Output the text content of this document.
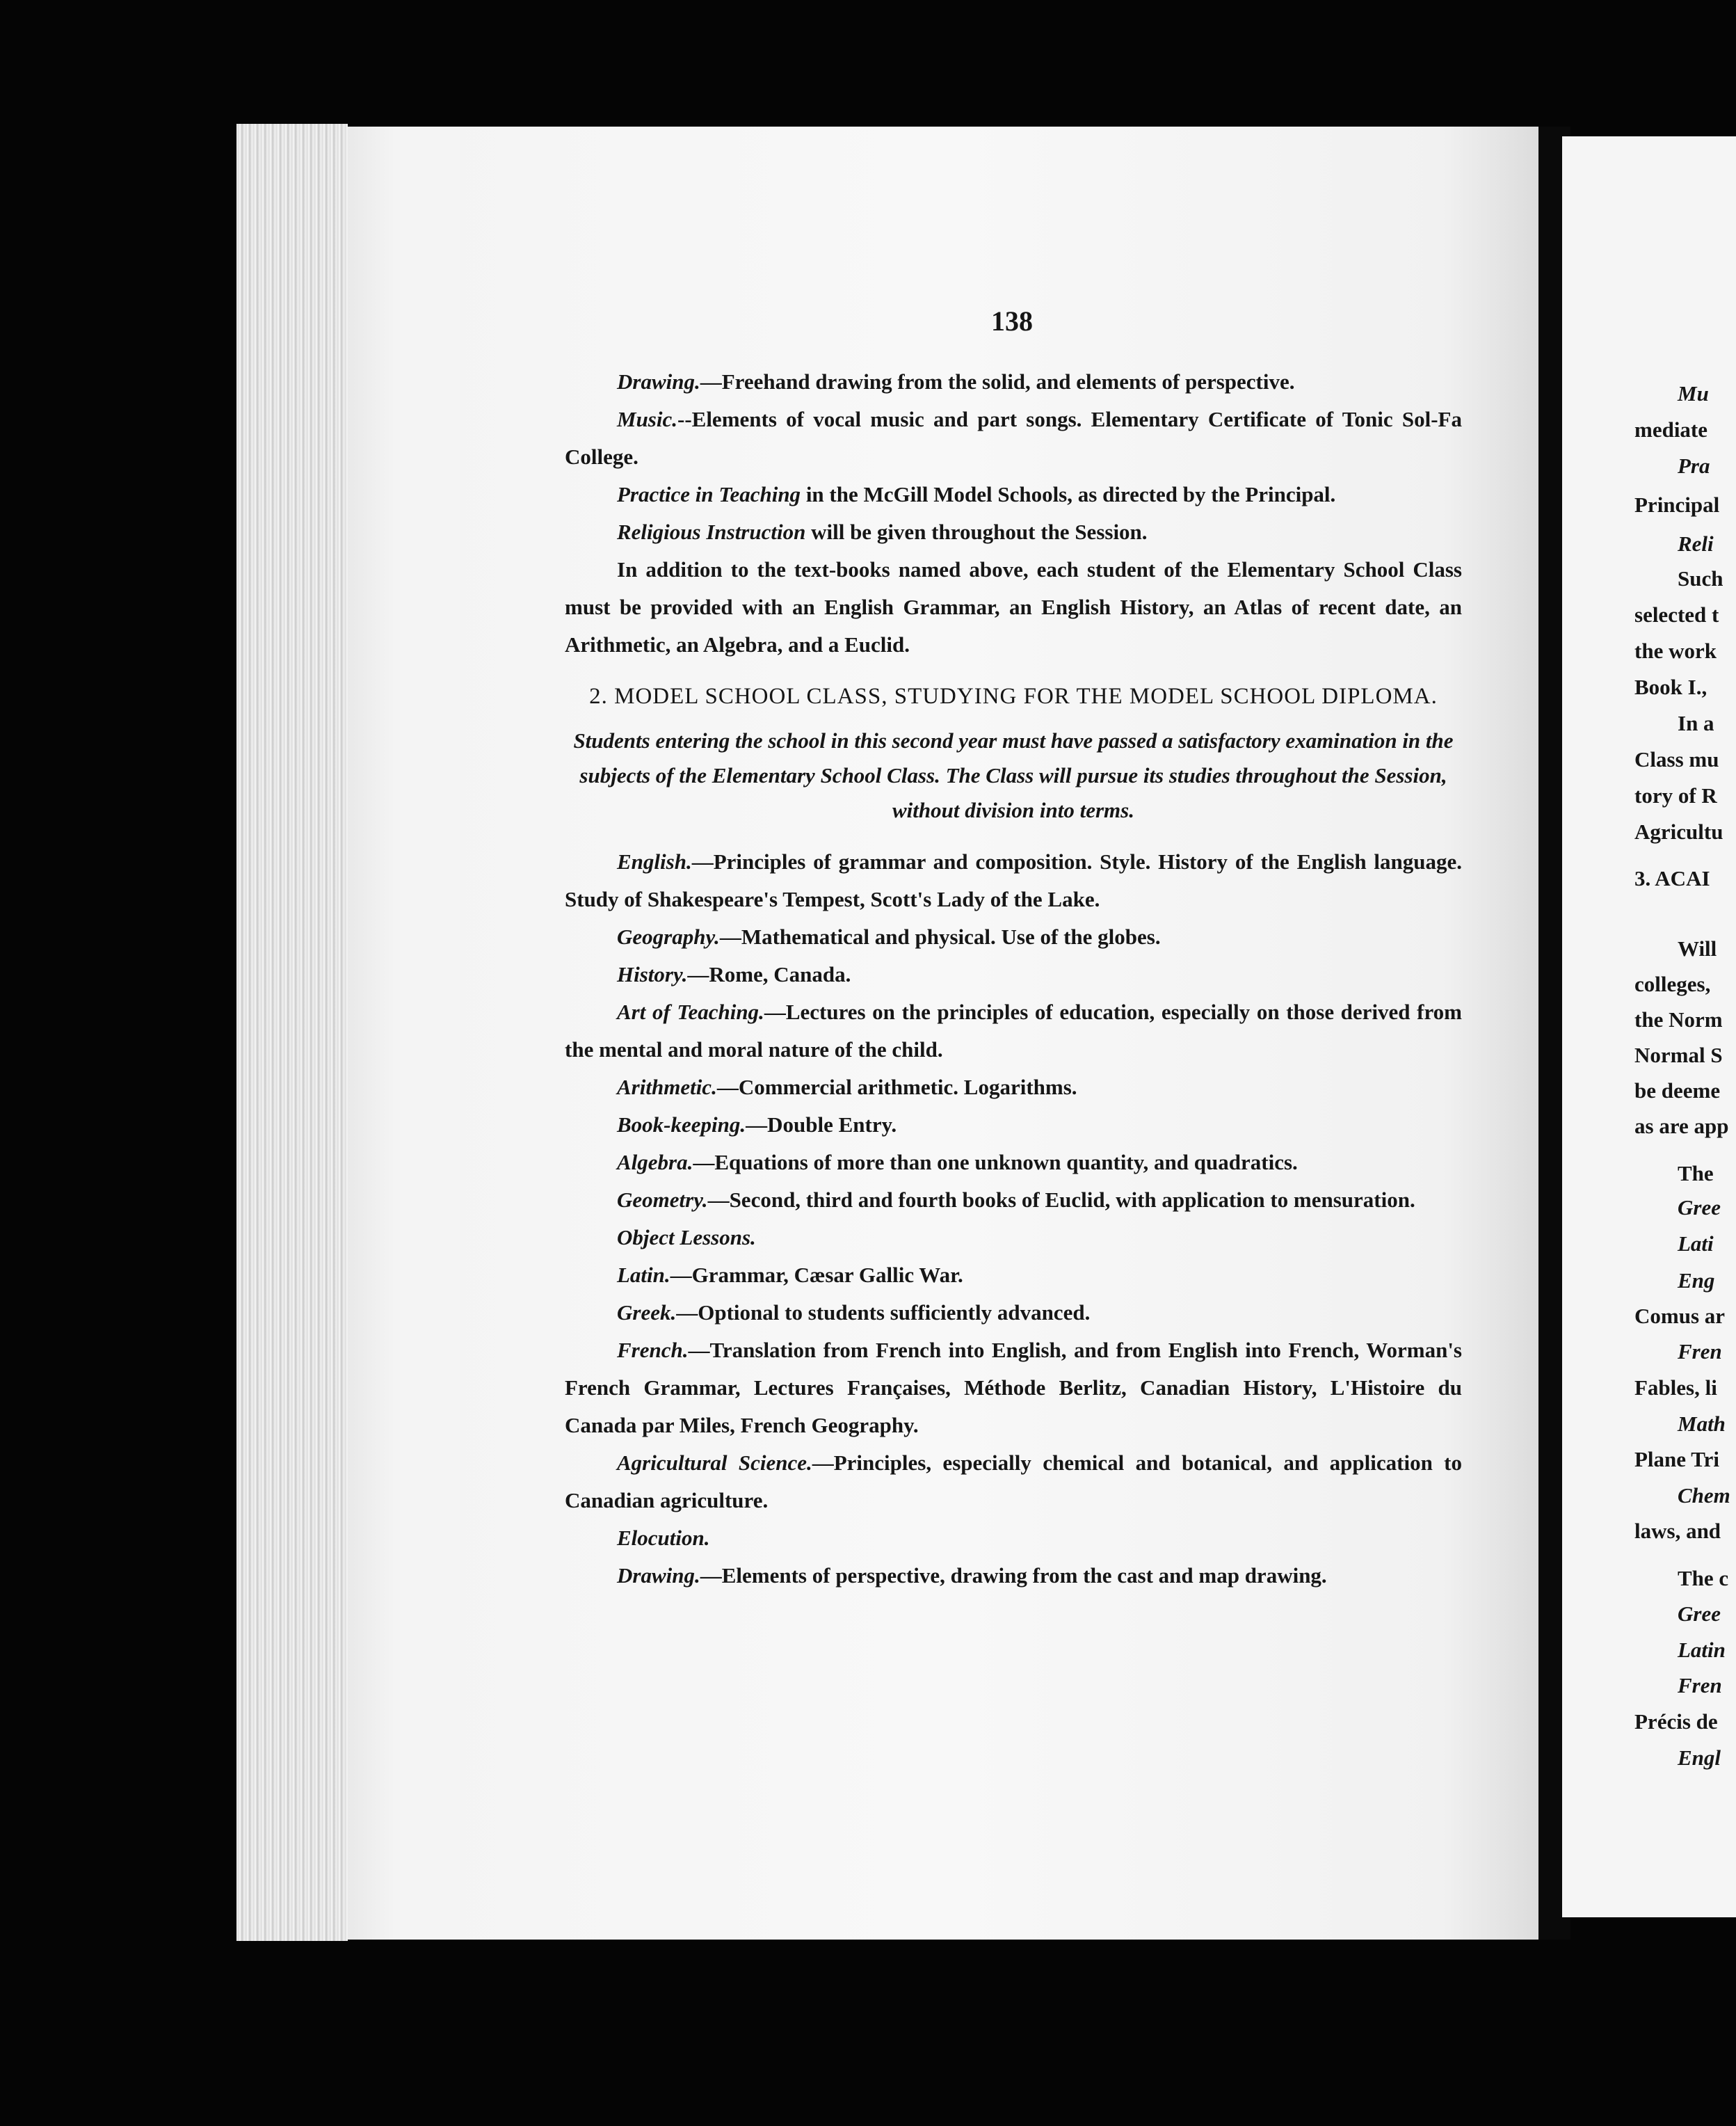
138

Drawing.—Freehand drawing from the solid, and elements of perspective.

Music.--Elements of vocal music and part songs. Elementary Certificate of Tonic Sol-Fa College.

Practice in Teaching in the McGill Model Schools, as directed by the Principal.

Religious Instruction will be given throughout the Session.

In addition to the text-books named above, each student of the Elementary School Class must be provided with an English Grammar, an English History, an Atlas of recent date, an Arithmetic, an Algebra, and a Euclid.

2. MODEL SCHOOL CLASS, STUDYING FOR THE MODEL SCHOOL DIPLOMA.

Students entering the school in this second year must have passed a satisfactory examination in the subjects of the Elementary School Class. The Class will pursue its studies throughout the Session, without division into terms.

English.—Principles of grammar and composition. Style. History of the English language. Study of Shakespeare's Tempest, Scott's Lady of the Lake.

Geography.—Mathematical and physical. Use of the globes.

History.—Rome, Canada.

Art of Teaching.—Lectures on the principles of education, especially on those derived from the mental and moral nature of the child.

Arithmetic.—Commercial arithmetic. Logarithms.

Book-keeping.—Double Entry.

Algebra.—Equations of more than one unknown quantity, and quadratics.

Geometry.—Second, third and fourth books of Euclid, with application to mensuration.

Object Lessons.

Latin.—Grammar, Cæsar Gallic War.

Greek.—Optional to students sufficiently advanced.

French.—Translation from French into English, and from English into French, Worman's French Grammar, Lectures Françaises, Méthode Berlitz, Canadian History, L'Histoire du Canada par Miles, French Geography.

Agricultural Science.—Principles, especially chemical and botanical, and application to Canadian agriculture.

Elocution.

Drawing.—Elements of perspective, drawing from the cast and map drawing.

Mu
mediate
Pra
Principal
Reli
Such
selected t
the work
Book I.,
In a
Class mu
tory of R
Agricultu
3. ACAI
Will
colleges,
the Norm
Normal S
be deeme
as are app
The
Gree
Lati
Eng
Comus ar
Fren
Fables, li
Math
Plane Tri
Chem
laws, and
The c
Gree
Latin
Fren
Précis de
Engl
